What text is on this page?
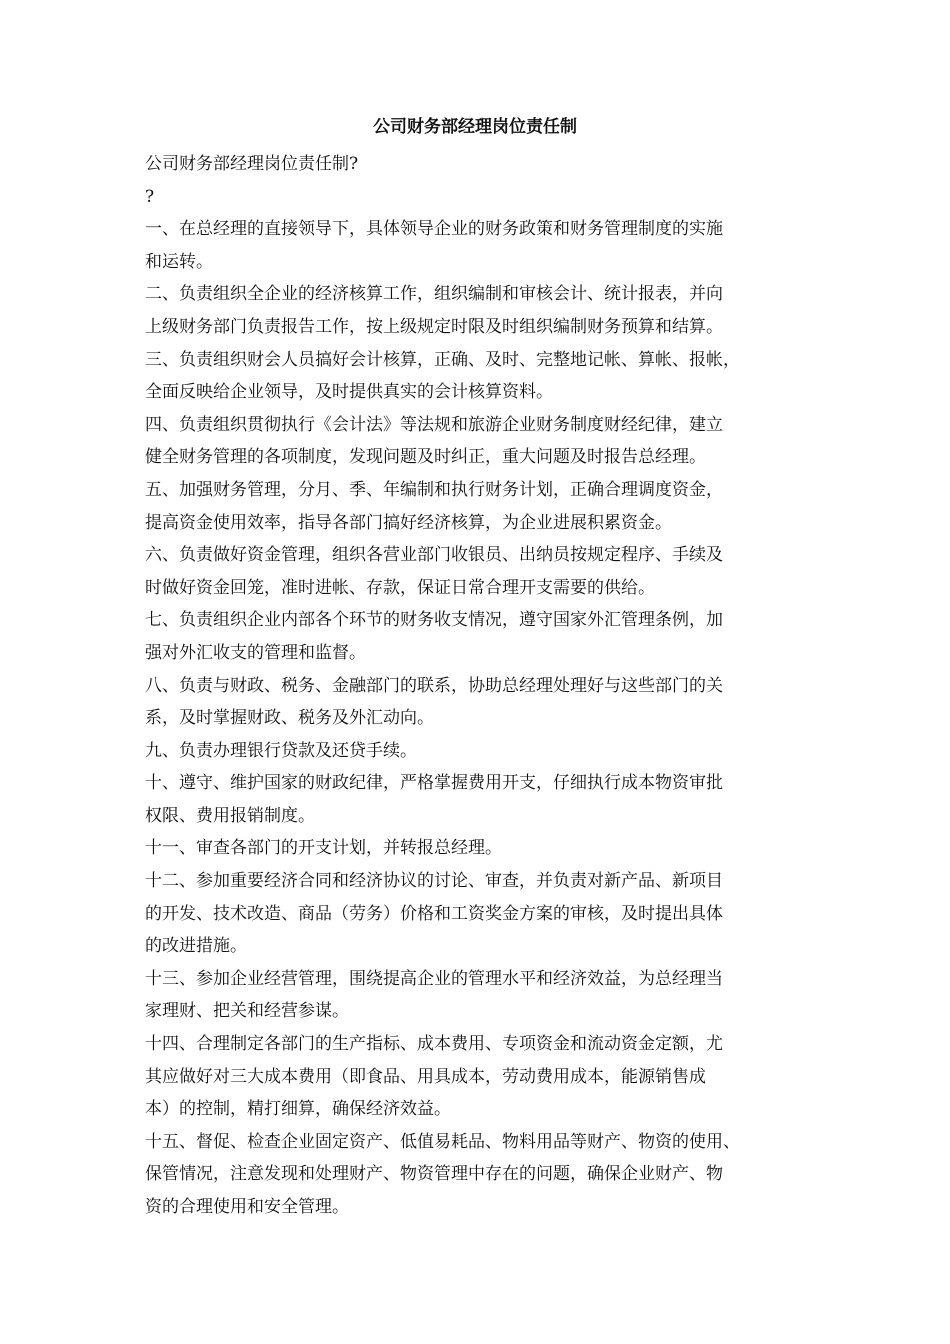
公司财务部经理岗位责任制
公司财务部经理岗位责任制?
?
一、在总经理的直接领导下，具体领导企业的财务政策和财务管理制度的实施
和运转。
二、负责组织全企业的经济核算工作，组织编制和审核会计、统计报表，并向
上级财务部门负责报告工作，按上级规定时限及时组织编制财务预算和结算。
三、负责组织财会人员搞好会计核算，正确、及时、完整地记帐、算帐、报帐，
全面反映给企业领导，及时提供真实的会计核算资料。
四、负责组织贯彻执行《会计法》等法规和旅游企业财务制度财经纪律，建立
健全财务管理的各项制度，发现问题及时纠正，重大问题及时报告总经理。
五、加强财务管理，分月、季、年编制和执行财务计划，正确合理调度资金，
提高资金使用效率，指导各部门搞好经济核算，为企业进展积累资金。
六、负责做好资金管理，组织各营业部门收银员、出纳员按规定程序、手续及
时做好资金回笼，准时进帐、存款，保证日常合理开支需要的供给。
七、负责组织企业内部各个环节的财务收支情况，遵守国家外汇管理条例，加
强对外汇收支的管理和监督。
八、负责与财政、税务、金融部门的联系，协助总经理处理好与这些部门的关
系，及时掌握财政、税务及外汇动向。
九、负责办理银行贷款及还贷手续。
十、遵守、维护国家的财政纪律，严格掌握费用开支，仔细执行成本物资审批
权限、费用报销制度。
十一、审查各部门的开支计划，并转报总经理。
十二、参加重要经济合同和经济协议的讨论、审查，并负责对新产品、新项目
的开发、技术改造、商品（劳务）价格和工资奖金方案的审核，及时提出具体
的改进措施。
十三、参加企业经营管理，围绕提高企业的管理水平和经济效益，为总经理当
家理财、把关和经营参谋。
十四、合理制定各部门的生产指标、成本费用、专项资金和流动资金定额，尤
其应做好对三大成本费用（即食品、用具成本，劳动费用成本，能源销售成
本）的控制，精打细算，确保经济效益。
十五、督促、检查企业固定资产、低值易耗品、物料用品等财产、物资的使用、
保管情况，注意发现和处理财产、物资管理中存在的问题，确保企业财产、物
资的合理使用和安全管理。
